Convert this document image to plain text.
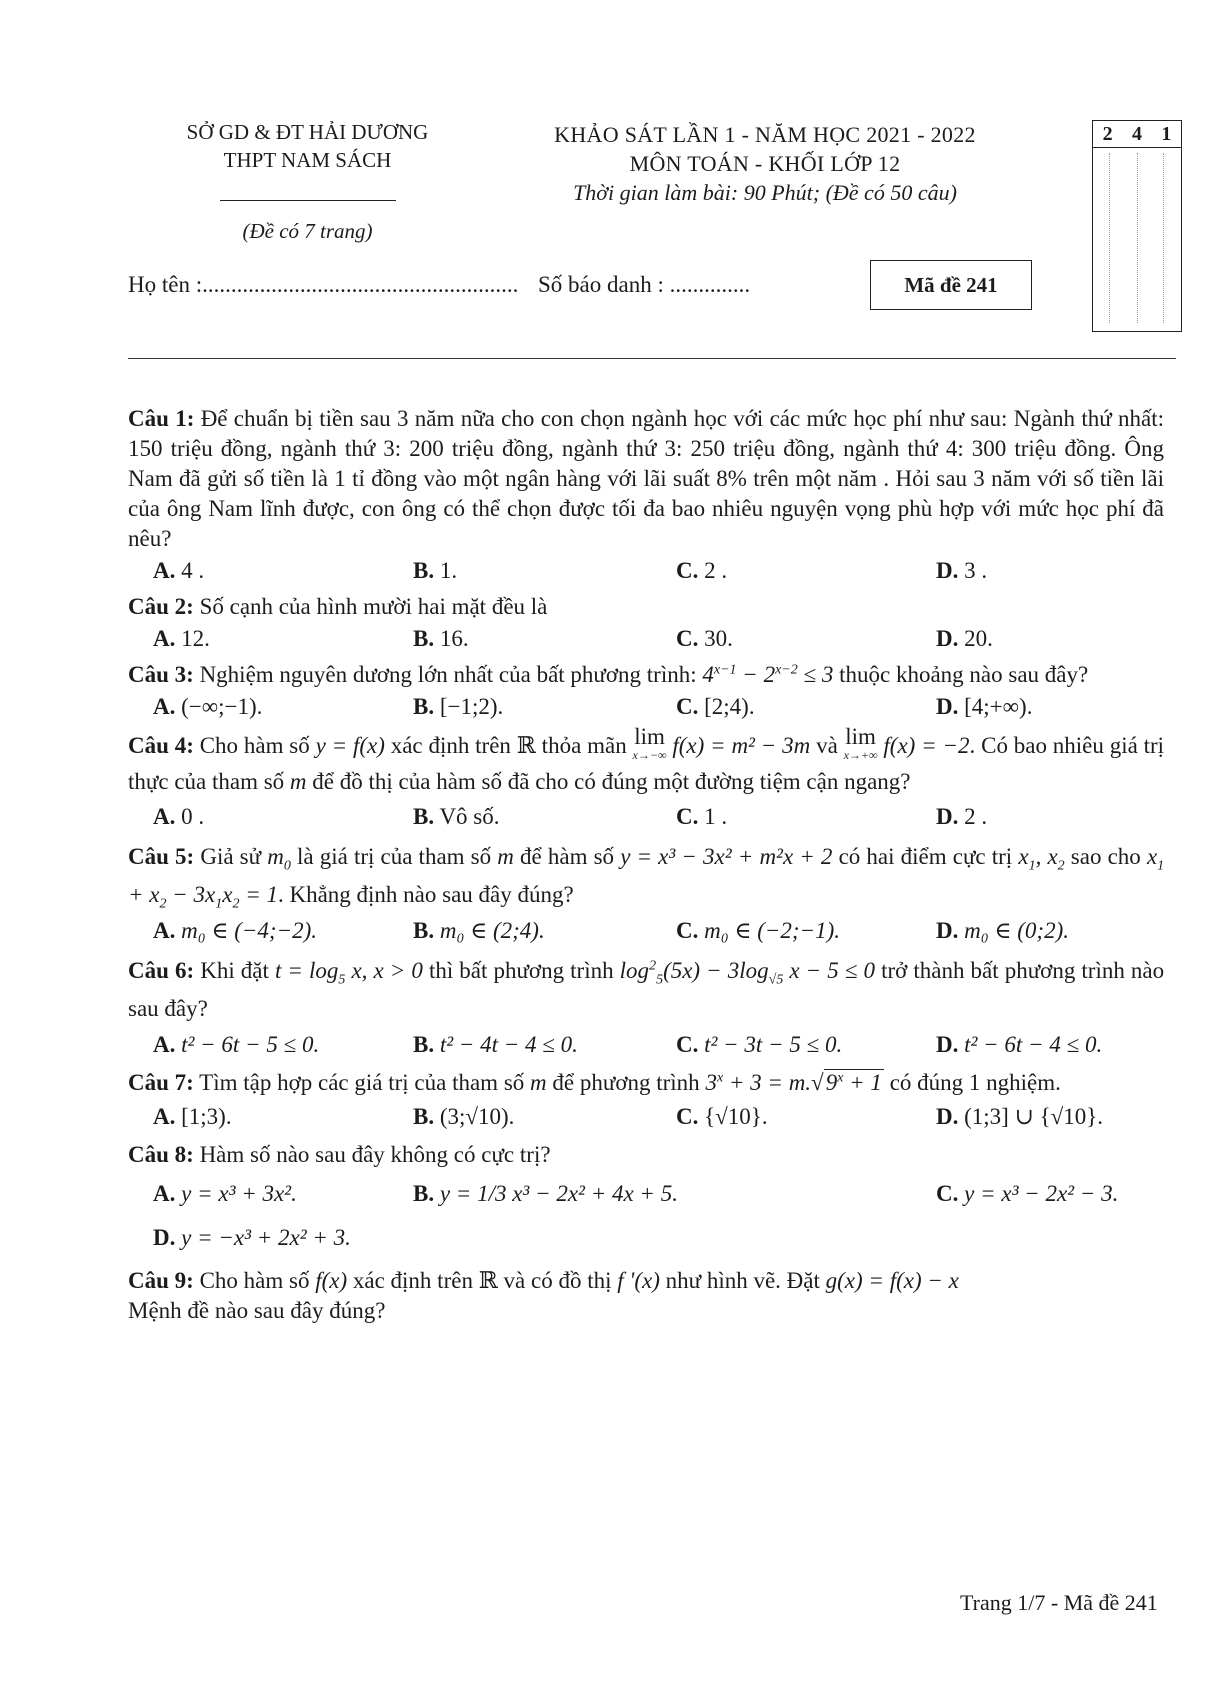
SỞ GD & ĐT HẢI DƯƠNG
THPT NAM SÁCH
(Đề có 7 trang)
KHẢO SÁT LẦN 1 - NĂM HỌC 2021 - 2022
MÔN TOÁN - KHỐI LỚP 12
Thời gian làm bài: 90 Phút; (Đề có 50 câu)
2 4 1
Họ tên :....................................................... Số báo danh : ..............	Mã đề 241

Câu 1: Để chuẩn bị tiền sau 3 năm nữa cho con chọn ngành học với các mức học phí như sau: Ngành thứ nhất: 150 triệu đồng, ngành thứ 3: 200 triệu đồng, ngành thứ 3: 250 triệu đồng, ngành thứ 4: 300 triệu đồng. Ông Nam đã gửi số tiền là 1 tỉ đồng vào một ngân hàng với lãi suất 8% trên một năm . Hỏi sau 3 năm với số tiền lãi của ông Nam lĩnh được, con ông có thể chọn được tối đa bao nhiêu nguyện vọng phù hợp với mức học phí đã nêu?

A. 4 .	B. 1.	C. 2 .	D. 3 .

Câu 2: Số cạnh của hình mười hai mặt đều là

A. 12.	B. 16.	C. 30.	D. 20.

Câu 3: Nghiệm nguyên dương lớn nhất của bất phương trình: $4^{x-1} - 2^{x-2} \le 3$ thuộc khoảng nào sau đây?

A. (−∞;−1).	B. [−1;2).	C. [2;4).	D. [4;+∞).

Câu 4: Cho hàm số y = f(x) xác định trên ℝ thỏa mãn lim
x→−∞ f(x) = m² − 3m và lim
x→+∞ f(x) = −2. Có bao nhiêu giá trị thực của tham số m để đồ thị của hàm số đã cho có đúng một đường tiệm cận ngang?

A. 0 .	B. Vô số.	C. 1 .	D. 2 .

Câu 5: Giả sử $m_0$ là giá trị của tham số m để hàm số y = x³ − 3x² + m²x + 2 có hai điểm cực trị $x_1$, $x_2$ sao cho $x_1 + x_2 - 3x_1x_2 = 1$. Khẳng định nào sau đây đúng?

A. m₀ ∈ (−4;−2).	B. m₀ ∈ (2;4).	C. m₀ ∈ (−2;−1).	D. m₀ ∈ (0;2).

Câu 6: Khi đặt $t = \log_5 x$, x > 0 thì bất phương trình $\log^2_5(5x) - 3\log_{√5}$ x − 5 ≤ 0 trở thành bất phương trình nào sau đây?

A. t² − 6t − 5 ≤ 0.	B. t² − 4t − 4 ≤ 0.	C. t² − 3t − 5 ≤ 0.	D. t² − 6t − 4 ≤ 0.

Câu 7: Tìm tập hợp các giá trị của tham số m để phương trình $3^x + 3 = m.√9^x + 1$ có đúng 1 nghiệm.

A. [1;3).	B. (3;√10).	C. {√10}.	D. (1;3] ∪ {√10}.

Câu 8: Hàm số nào sau đây không có cực trị?

A. y = x³ + 3x².	B. y = 1/3 x³ − 2x² + 4x + 5.	C. y = x³ − 2x² − 3.
D. y = −x³ + 2x² + 3.

Câu 9: Cho hàm số f(x) xác định trên ℝ và có đồ thị f '(x) như hình vẽ. Đặt g(x) = f(x) − x
Mệnh đề nào sau đây đúng?

Trang 1/7 - Mã đề 241
